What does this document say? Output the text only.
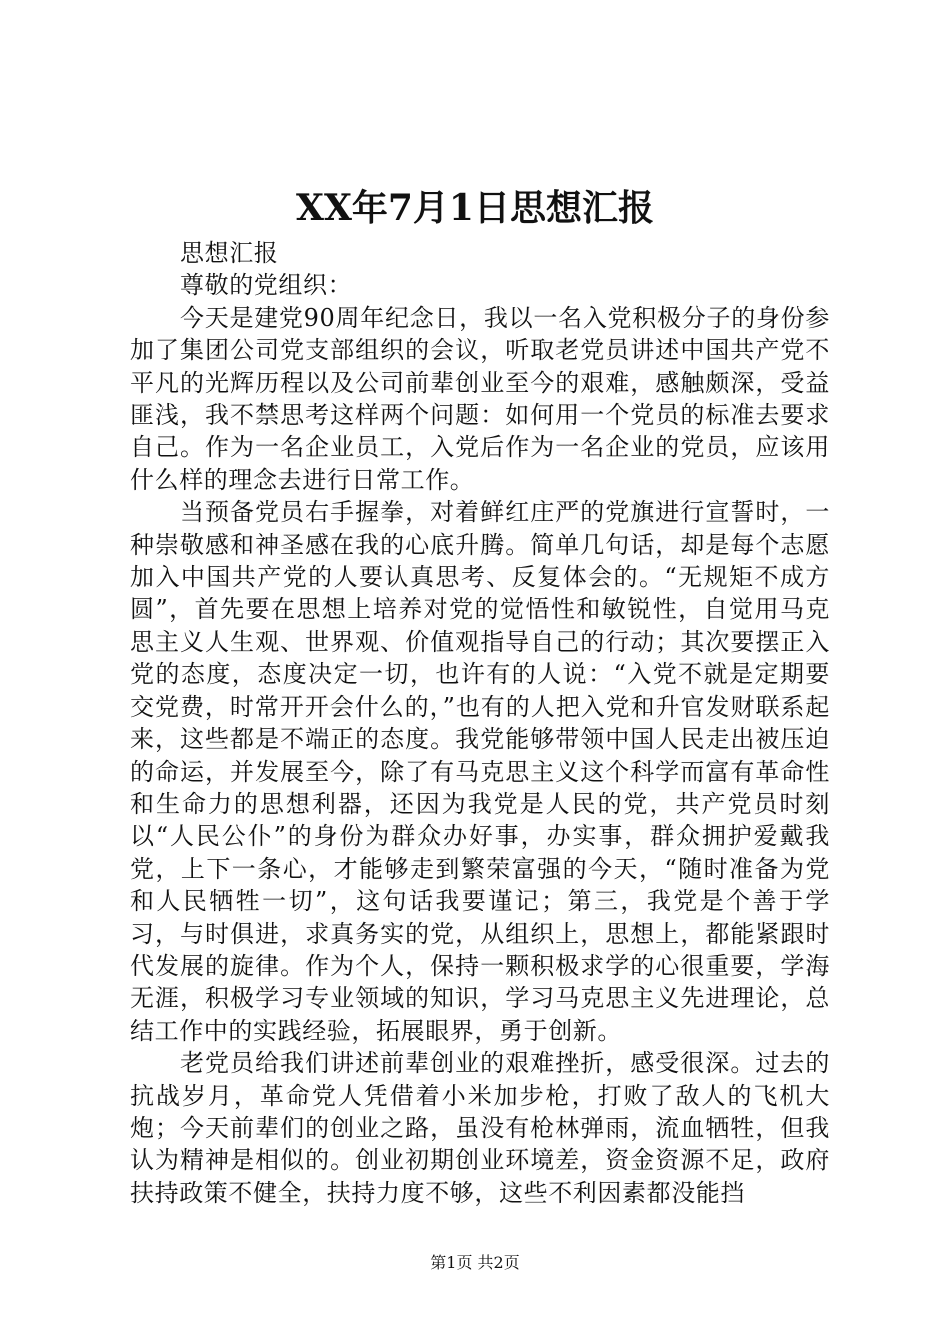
XX年7月1日思想汇报

思想汇报

尊敬的党组织：

今天是建党90周年纪念日，我以一名入党积极分子的身份参加了集团公司党支部组织的会议，听取老党员讲述中国共产党不平凡的光辉历程以及公司前辈创业至今的艰难，感触颇深，受益匪浅，我不禁思考这样两个问题：如何用一个党员的标准去要求自己。作为一名企业员工，入党后作为一名企业的党员，应该用什么样的理念去进行日常工作。

当预备党员右手握拳，对着鲜红庄严的党旗进行宣誓时，一种崇敬感和神圣感在我的心底升腾。简单几句话，却是每个志愿加入中国共产党的人要认真思考、反复体会的。“无规矩不成方圆”，首先要在思想上培养对党的觉悟性和敏锐性，自觉用马克思主义人生观、世界观、价值观指导自己的行动；其次要摆正入党的态度，态度决定一切，也许有的人说：“入党不就是定期要交党费，时常开开会什么的，”也有的人把入党和升官发财联系起来，这些都是不端正的态度。我党能够带领中国人民走出被压迫的命运，并发展至今，除了有马克思主义这个科学而富有革命性和生命力的思想利器，还因为我党是人民的党，共产党员时刻以“人民公仆”的身份为群众办好事，办实事，群众拥护爱戴我党，上下一条心，才能够走到繁荣富强的今天，“随时准备为党和人民牺牲一切”，这句话我要谨记；第三，我党是个善于学习，与时俱进，求真务实的党，从组织上，思想上，都能紧跟时代发展的旋律。作为个人，保持一颗积极求学的心很重要，学海无涯，积极学习专业领域的知识，学习马克思主义先进理论，总结工作中的实践经验，拓展眼界，勇于创新。

老党员给我们讲述前辈创业的艰难挫折，感受很深。过去的抗战岁月，革命党人凭借着小米加步枪，打败了敌人的飞机大炮；今天前辈们的创业之路，虽没有枪林弹雨，流血牺牲，但我认为精神是相似的。创业初期创业环境差，资金资源不足，政府扶持政策不健全，扶持力度不够，这些不利因素都没能挡

第1页 共2页
